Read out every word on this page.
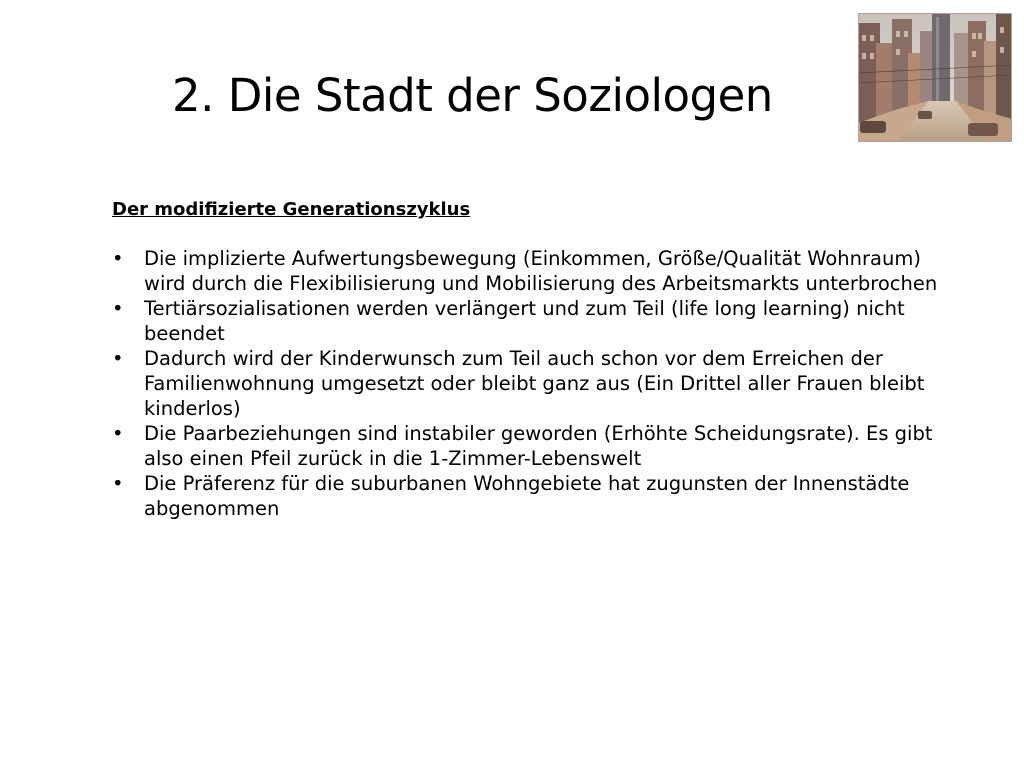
2. Die Stadt der Soziologen
Der modifizierte Generationszyklus
• Die implizierte Aufwertungsbewegung (Einkommen, Größe/Qualität Wohnraum) wird durch die Flexibilisierung und Mobilisierung des Arbeitsmarkts unterbrochen
• Tertiärsozialisationen werden verlängert und zum Teil (life long learning) nicht beendet
• Dadurch wird der Kinderwunsch zum Teil auch schon vor dem Erreichen der Familienwohnung umgesetzt oder bleibt ganz aus (Ein Drittel aller Frauen bleibt kinderlos)
• Die Paarbeziehungen sind instabiler geworden (Erhöhte Scheidungsrate). Es gibt also einen Pfeil zurück in die 1-Zimmer-Lebenswelt
• Die Präferenz für die suburbanen Wohngebiete hat zugunsten der Innenstädte abgenommen
